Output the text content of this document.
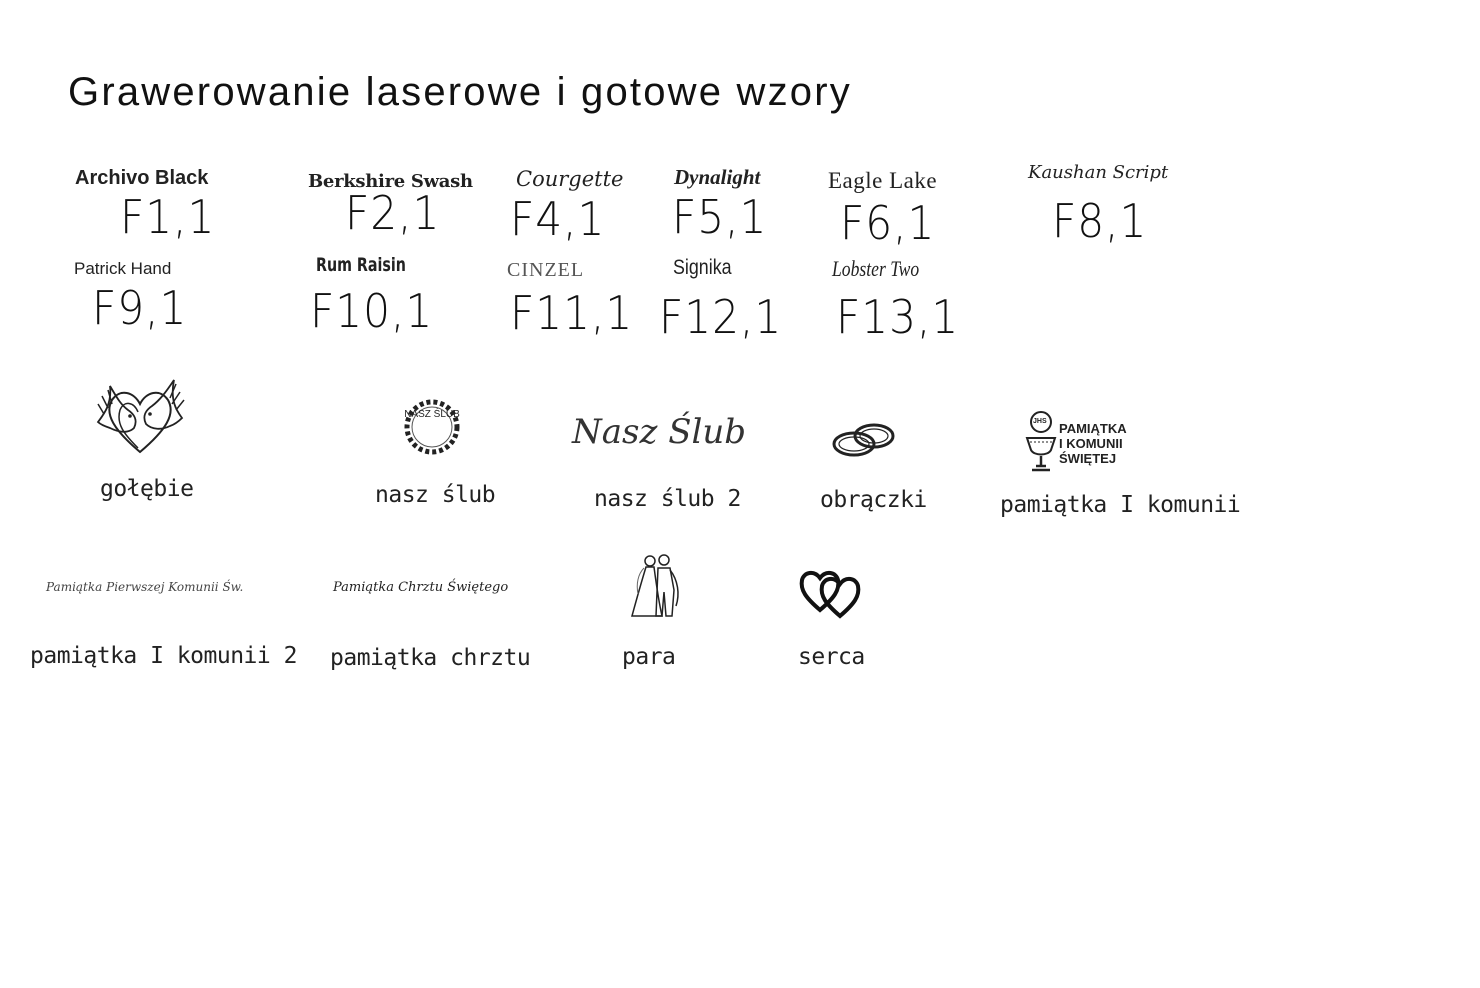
Grawerowanie laserowe i gotowe wzory
Archivo Black
F1,1
Berkshire Swash
F2,1
Courgette
F4,1
Dynalight
F5,1
Eagle Lake
F6,1
Kaushan Script
F8,1
Patrick Hand
F9,1
Rum Raisin
F10,1
CINZEL
F11,1
Signika
F12,1
Lobster Two
F13,1
gołębie
NASZ ŚLUB
nasz ślub
Nasz Ślub
nasz ślub 2	obrączki
JHS PAMIĄTKA
I KOMUNII
ŚWIĘTEJ
pamiątka I komunii
Pamiątka Pierwszej Komunii Św.
pamiątka I komunii 2
Pamiątka Chrztu Świętego
pamiątka chrztu	para	serca
